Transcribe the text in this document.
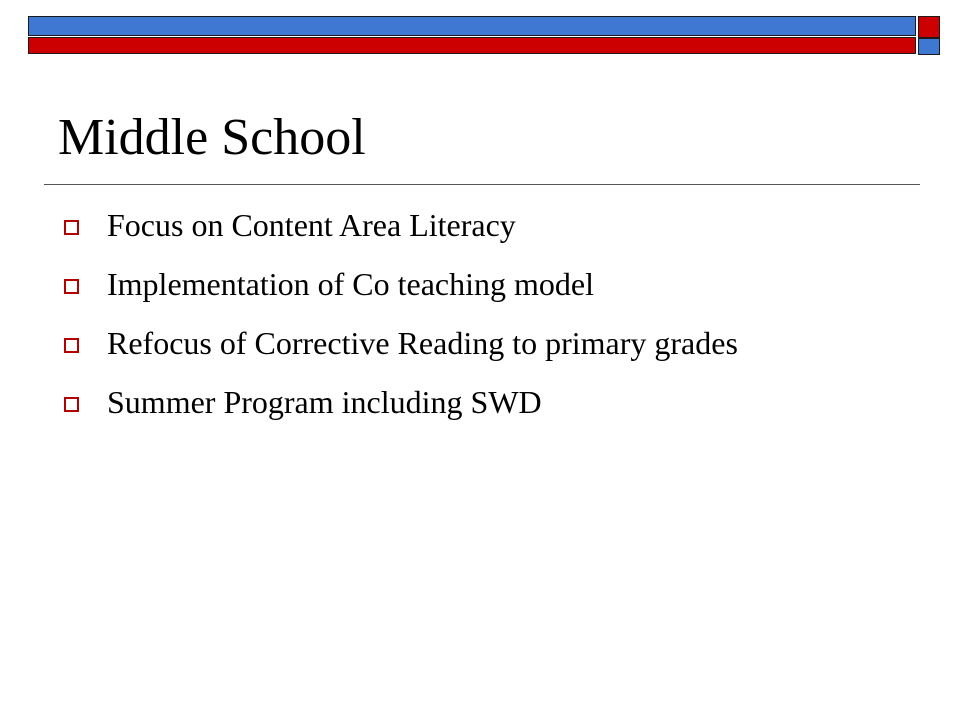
Middle School
Focus on Content Area Literacy
Implementation of Co teaching model
Refocus of Corrective Reading to primary grades
Summer Program including SWD
